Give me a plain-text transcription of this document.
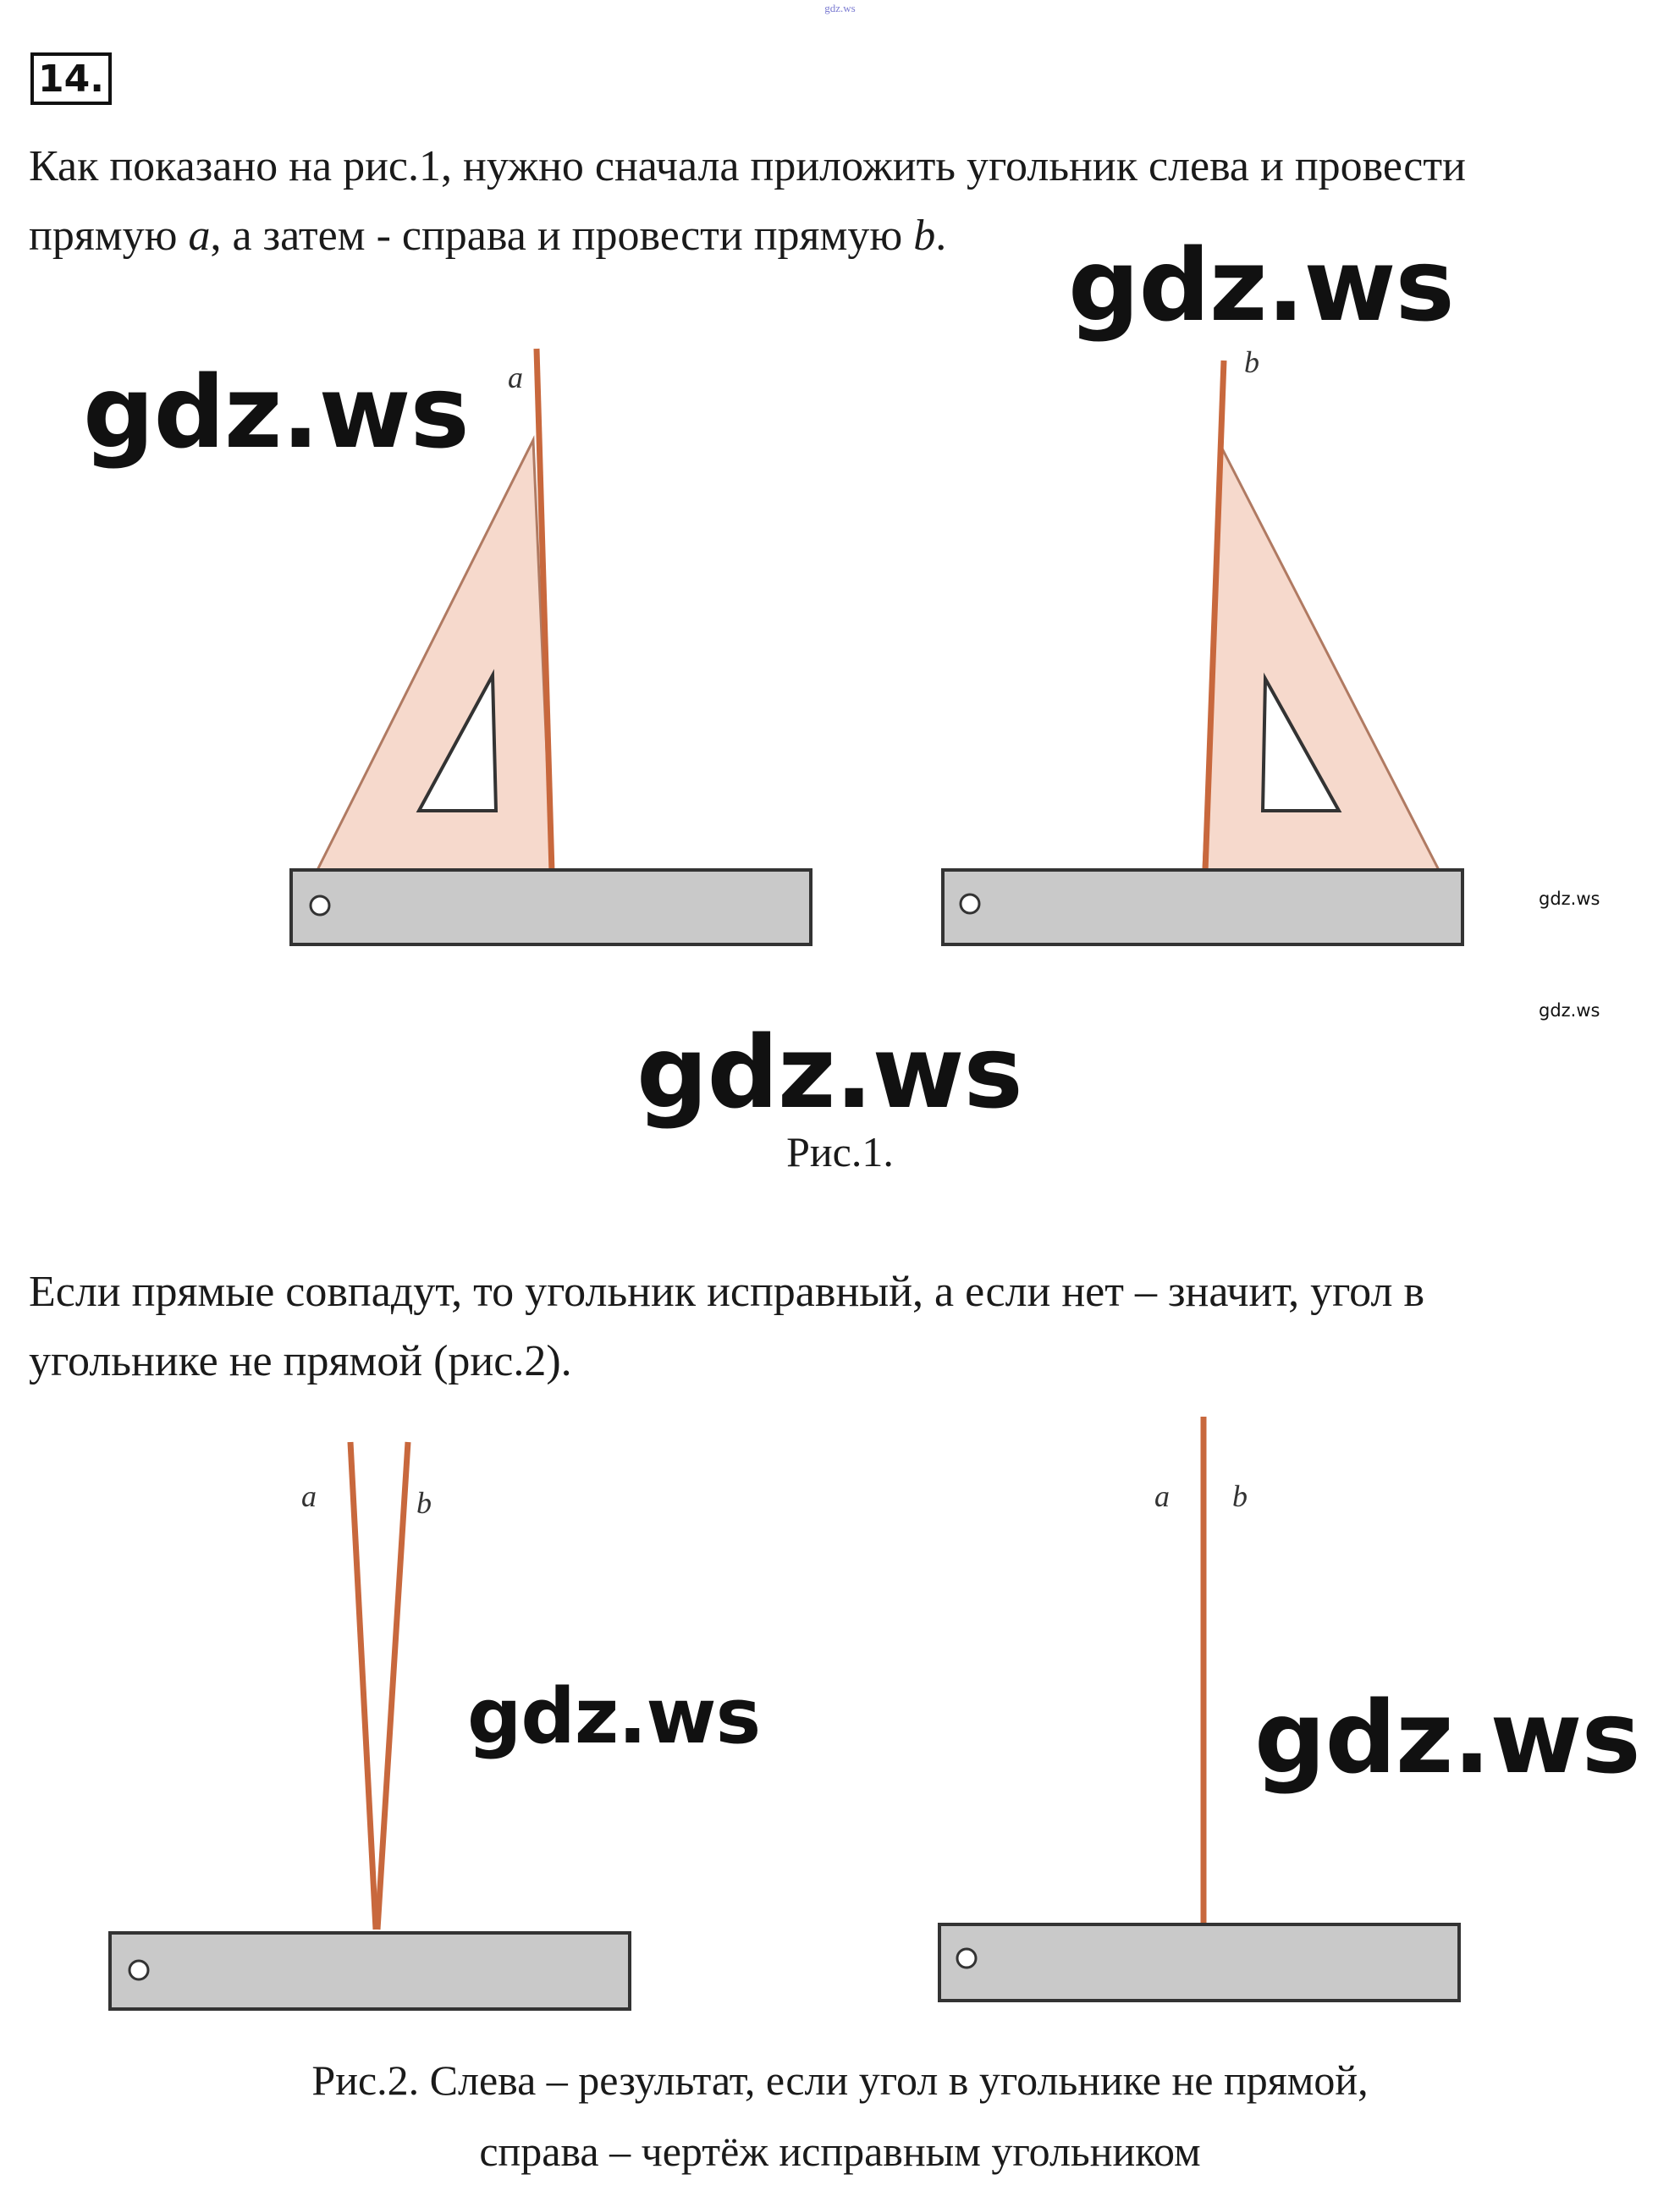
gdz.ws
14.

Как показано на рис.1, нужно сначала приложить угольник слева и провести
прямую a, а затем - справа и провести прямую b.

a	b
Рис.1.

Если прямые совпадут, то угольник исправный, а если нет – значит, угол в
угольнике не прямой (рис.2).

a	b	a b
Рис.2. Слева – результат, если угол в угольнике не прямой,
справа – чертёж исправным угольником
gdz.ws
gdz.ws
gdz.ws
gdz.ws	gdz.ws
gdz.ws
gdz.ws
